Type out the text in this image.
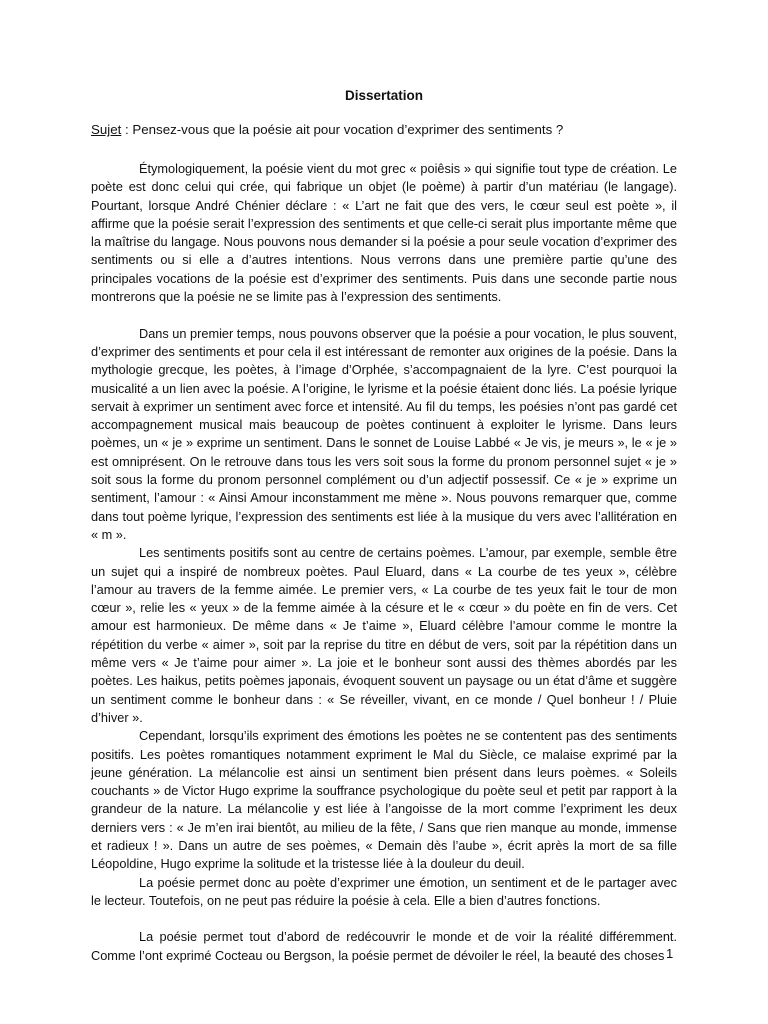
Dissertation
Sujet : Pensez-vous que la poésie ait pour vocation d’exprimer des sentiments ?

Étymologiquement, la poésie vient du mot grec « poiêsis » qui signifie tout type de création. Le poète est donc celui qui crée, qui fabrique un objet (le poème) à partir d’un matériau (le langage). Pourtant, lorsque André Chénier déclare : « L’art ne fait que des vers, le cœur seul est poète », il affirme que la poésie serait l’expression des sentiments et que celle-ci serait plus importante même que la maîtrise du langage. Nous pouvons nous demander si la poésie a pour seule vocation d’exprimer des sentiments ou si elle a d’autres intentions. Nous verrons dans une première partie qu’une des principales vocations de la poésie est d’exprimer des sentiments. Puis dans une seconde partie nous montrerons que la poésie ne se limite pas à l’expression des sentiments.

Dans un premier temps, nous pouvons observer que la poésie a pour vocation, le plus souvent, d’exprimer des sentiments et pour cela il est intéressant de remonter aux origines de la poésie. Dans la mythologie grecque, les poètes, à l’image d’Orphée, s’accompagnaient de la lyre. C’est pourquoi la musicalité a un lien avec la poésie. A l’origine, le lyrisme et la poésie étaient donc liés. La poésie lyrique servait à exprimer un sentiment avec force et intensité. Au fil du temps, les poésies n’ont pas gardé cet accompagnement musical mais beaucoup de poètes continuent à exploiter le lyrisme. Dans leurs poèmes, un « je » exprime un sentiment. Dans le sonnet de Louise Labbé « Je vis, je meurs », le « je » est omniprésent. On le retrouve dans tous les vers soit sous la forme du pronom personnel sujet « je » soit sous la forme du pronom personnel complément ou d’un adjectif possessif. Ce « je » exprime un sentiment, l’amour : « Ainsi Amour inconstamment me mène ». Nous pouvons remarquer que, comme dans tout poème lyrique, l’expression des sentiments est liée à la musique du vers avec l’allitération en « m ».

Les sentiments positifs sont au centre de certains poèmes. L’amour, par exemple, semble être un sujet qui a inspiré de nombreux poètes. Paul Eluard, dans « La courbe de tes yeux », célèbre l’amour au travers de la femme aimée. Le premier vers, « La courbe de tes yeux fait le tour de mon cœur », relie les « yeux » de la femme aimée à la césure et le « cœur » du poète en fin de vers. Cet amour est harmonieux. De même dans « Je t’aime », Eluard célèbre l’amour comme le montre la répétition du verbe « aimer », soit par la reprise du titre en début de vers, soit par la répétition dans un même vers « Je t’aime pour aimer ». La joie et le bonheur sont aussi des thèmes abordés par les poètes. Les haikus, petits poèmes japonais, évoquent souvent un paysage ou un état d’âme et suggère un sentiment comme le bonheur dans : « Se réveiller, vivant, en ce monde / Quel bonheur ! / Pluie d’hiver ».

Cependant, lorsqu’ils expriment des émotions les poètes ne se contentent pas des sentiments positifs. Les poètes romantiques notamment expriment le Mal du Siècle, ce malaise exprimé par la jeune génération. La mélancolie est ainsi un sentiment bien présent dans leurs poèmes. « Soleils couchants » de Victor Hugo exprime la souffrance psychologique du poète seul et petit par rapport à la grandeur de la nature. La mélancolie y est liée à l’angoisse de la mort comme l’expriment les deux derniers vers : « Je m’en irai bientôt, au milieu de la fête, / Sans que rien manque au monde, immense et radieux ! ». Dans un autre de ses poèmes, « Demain dès l’aube », écrit après la mort de sa fille Léopoldine, Hugo exprime la solitude et la tristesse liée à la douleur du deuil.

La poésie permet donc au poète d’exprimer une émotion, un sentiment et de le partager avec le lecteur. Toutefois, on ne peut pas réduire la poésie à cela. Elle a bien d’autres fonctions.

La poésie permet tout d’abord de redécouvrir le monde et de voir la réalité différemment. Comme l’ont exprimé Cocteau ou Bergson, la poésie permet de dévoiler le réel, la beauté des choses 1
